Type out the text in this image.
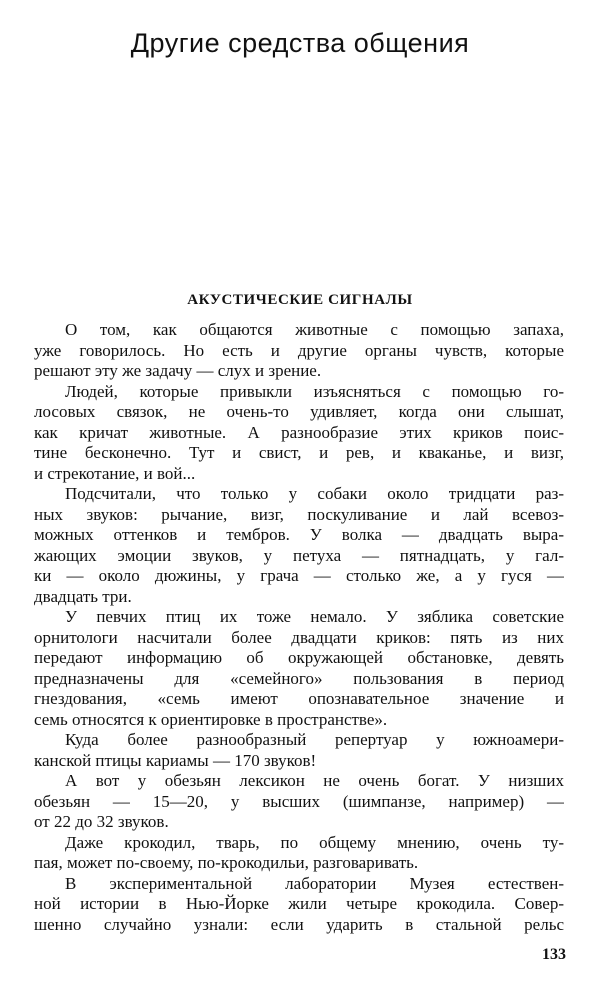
Другие средства общения
АКУСТИЧЕСКИЕ СИГНАЛЫ
О том, как общаются животные с помощью запаха,
уже говорилось. Но есть и другие органы чувств, которые
решают эту же задачу — слух и зрение.
Людей, которые привыкли изъясняться с помощью го-
лосовых связок, не очень-то удивляет, когда они слышат,
как кричат животные. А разнообразие этих криков поис-
тине бесконечно. Тут и свист, и рев, и кваканье, и визг,
и стрекотание, и вой...
Подсчитали, что только у собаки около тридцати раз-
ных звуков: рычание, визг, поскуливание и лай всевоз-
можных оттенков и тембров. У волка — двадцать выра-
жающих эмоции звуков, у петуха — пятнадцать, у гал-
ки — около дюжины, у грача — столько же, а у гуся —
двадцать три.
У певчих птиц их тоже немало. У зяблика советские
орнитологи насчитали более двадцати криков: пять из них
передают информацию об окружающей обстановке, девять
предназначены для «семейного» пользования в период
гнездования, «семь имеют опознавательное значение и
семь относятся к ориентировке в пространстве».
Куда более разнообразный репертуар у южноамери-
канской птицы кариамы — 170 звуков!
А вот у обезьян лексикон не очень богат. У низших
обезьян — 15—20, у высших (шимпанзе, например) —
от 22 до 32 звуков.
Даже крокодил, тварь, по общему мнению, очень ту-
пая, может по-своему, по-крокодильи, разговаривать.
В экспериментальной лаборатории Музея естествен-
ной истории в Нью-Йорке жили четыре крокодила. Совер-
шенно случайно узнали: если ударить в стальной рельс
133
